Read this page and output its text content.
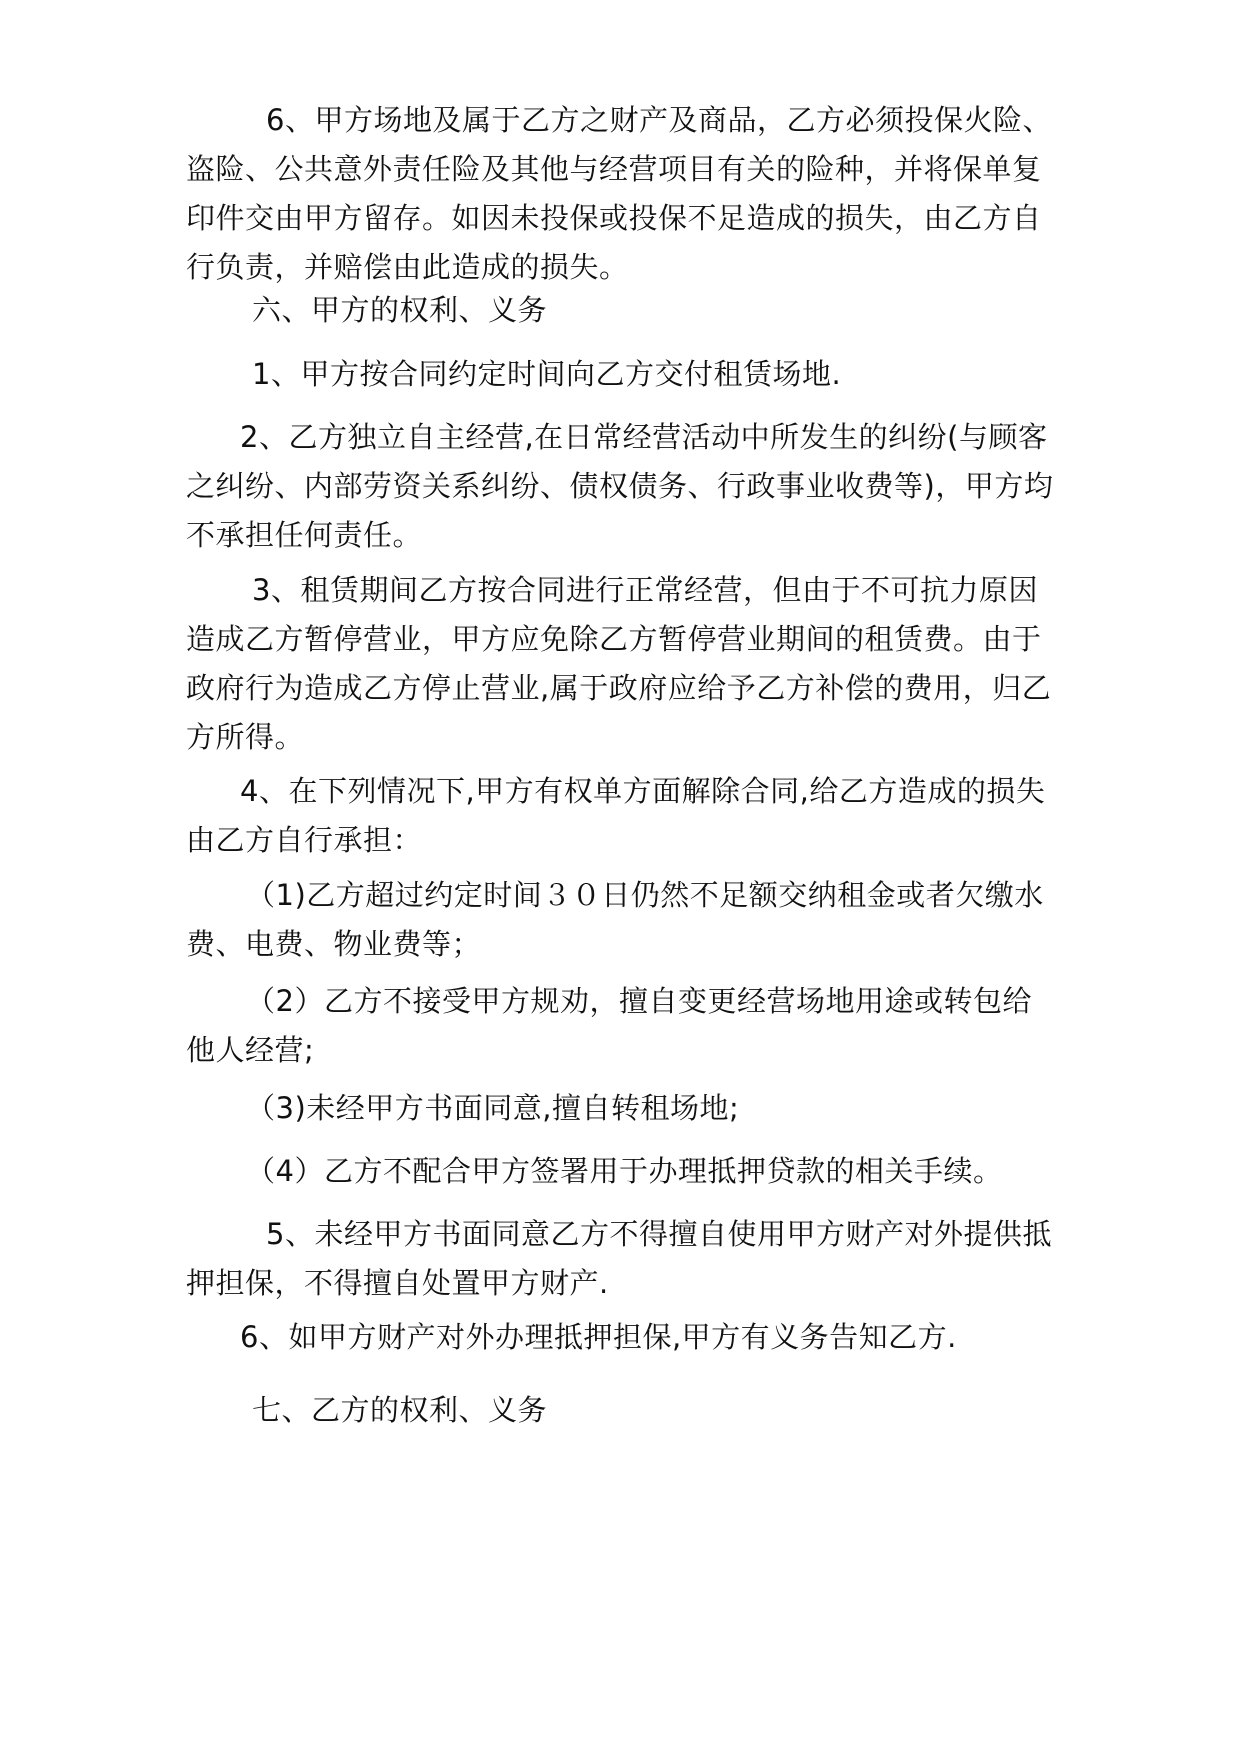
6、甲方场地及属于乙方之财产及商品，乙方必须投保火险、盗险、公共意外责任险及其他与经营项目有关的险种，并将保单复印件交由甲方留存。如因未投保或投保不足造成的损失，由乙方自行负责，并赔偿由此造成的损失。

六、甲方的权利、义务

1、甲方按合同约定时间向乙方交付租赁场地.

2、乙方独立自主经营,在日常经营活动中所发生的纠纷(与顾客之纠纷、内部劳资关系纠纷、债权债务、行政事业收费等)，甲方均不承担任何责任。

3、租赁期间乙方按合同进行正常经营，但由于不可抗力原因造成乙方暂停营业，甲方应免除乙方暂停营业期间的租赁费。由于政府行为造成乙方停止营业,属于政府应给予乙方补偿的费用，归乙方所得。

4、在下列情况下,甲方有权单方面解除合同,给乙方造成的损失由乙方自行承担：

（1)乙方超过约定时间３０日仍然不足额交纳租金或者欠缴水费、电费、物业费等；

（2）乙方不接受甲方规劝，擅自变更经营场地用途或转包给他人经营;

（3)未经甲方书面同意,擅自转租场地;

（4）乙方不配合甲方签署用于办理抵押贷款的相关手续。

5、未经甲方书面同意乙方不得擅自使用甲方财产对外提供抵押担保，不得擅自处置甲方财产.

6、如甲方财产对外办理抵押担保,甲方有义务告知乙方.

七、乙方的权利、义务
